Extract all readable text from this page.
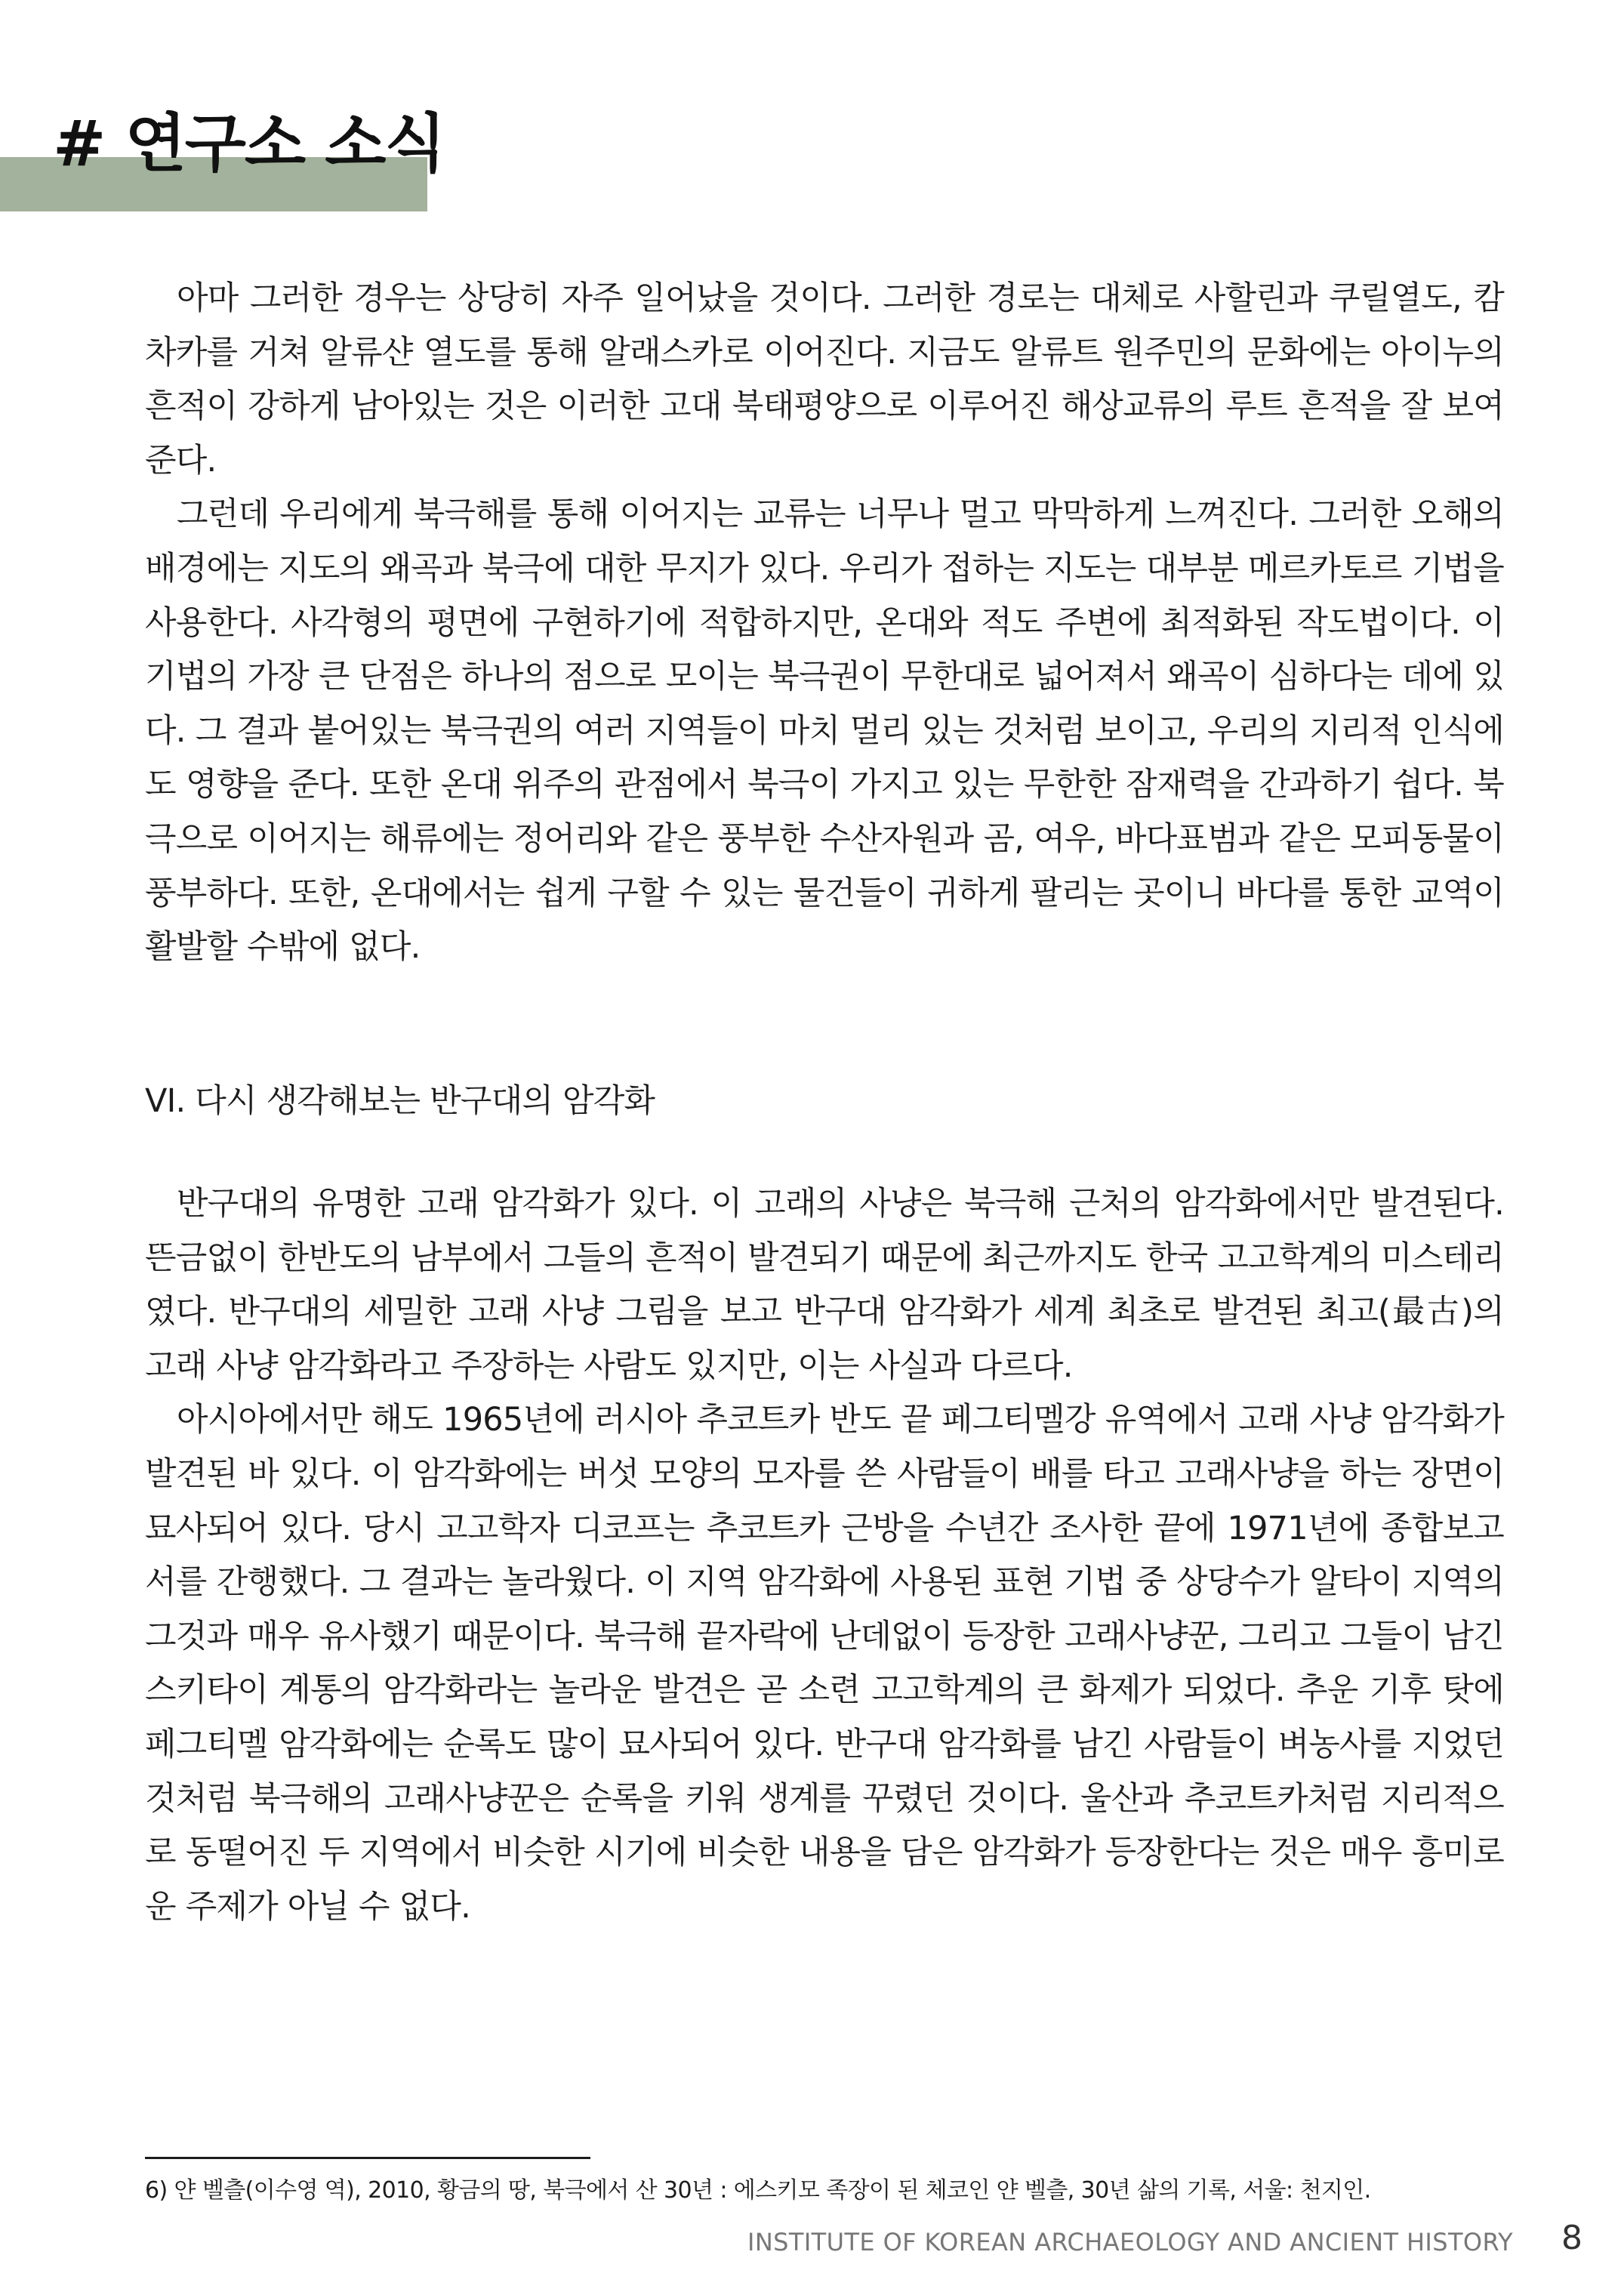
# 연구소 소식

아마 그러한 경우는 상당히 자주 일어났을 것이다. 그러한 경로는 대체로 사할린과 쿠릴열도, 캄차카를 거쳐 알류샨 열도를 통해 알래스카로 이어진다. 지금도 알류트 원주민의 문화에는 아이누의 흔적이 강하게 남아있는 것은 이러한 고대 북태평양으로 이루어진 해상교류의 루트 흔적을 잘 보여준다.

그런데 우리에게 북극해를 통해 이어지는 교류는 너무나 멀고 막막하게 느껴진다. 그러한 오해의 배경에는 지도의 왜곡과 북극에 대한 무지가 있다. 우리가 접하는 지도는 대부분 메르카토르 기법을 사용한다. 사각형의 평면에 구현하기에 적합하지만, 온대와 적도 주변에 최적화된 작도법이다. 이 기법의 가장 큰 단점은 하나의 점으로 모이는 북극권이 무한대로 넓어져서 왜곡이 심하다는 데에 있다. 그 결과 붙어있는 북극권의 여러 지역들이 마치 멀리 있는 것처럼 보이고, 우리의 지리적 인식에도 영향을 준다. 또한 온대 위주의 관점에서 북극이 가지고 있는 무한한 잠재력을 간과하기 쉽다. 북극으로 이어지는 해류에는 정어리와 같은 풍부한 수산자원과 곰, 여우, 바다표범과 같은 모피동물이 풍부하다. 또한, 온대에서는 쉽게 구할 수 있는 물건들이 귀하게 팔리는 곳이니 바다를 통한 교역이 활발할 수밖에 없다.

VI. 다시 생각해보는 반구대의 암각화

반구대의 유명한 고래 암각화가 있다. 이 고래의 사냥은 북극해 근처의 암각화에서만 발견된다. 뜬금없이 한반도의 남부에서 그들의 흔적이 발견되기 때문에 최근까지도 한국 고고학계의 미스테리였다. 반구대의 세밀한 고래 사냥 그림을 보고 반구대 암각화가 세계 최초로 발견된 최고(最古)의 고래 사냥 암각화라고 주장하는 사람도 있지만, 이는 사실과 다르다.

아시아에서만 해도 1965년에 러시아 추코트카 반도 끝 페그티멜강 유역에서 고래 사냥 암각화가 발견된 바 있다. 이 암각화에는 버섯 모양의 모자를 쓴 사람들이 배를 타고 고래사냥을 하는 장면이 묘사되어 있다. 당시 고고학자 디코프는 추코트카 근방을 수년간 조사한 끝에 1971년에 종합보고서를 간행했다. 그 결과는 놀라웠다. 이 지역 암각화에 사용된 표현 기법 중 상당수가 알타이 지역의 그것과 매우 유사했기 때문이다. 북극해 끝자락에 난데없이 등장한 고래사냥꾼, 그리고 그들이 남긴 스키타이 계통의 암각화라는 놀라운 발견은 곧 소련 고고학계의 큰 화제가 되었다. 추운 기후 탓에 페그티멜 암각화에는 순록도 많이 묘사되어 있다. 반구대 암각화를 남긴 사람들이 벼농사를 지었던 것처럼 북극해의 고래사냥꾼은 순록을 키워 생계를 꾸렸던 것이다. 울산과 추코트카처럼 지리적으로 동떨어진 두 지역에서 비슷한 시기에 비슷한 내용을 담은 암각화가 등장한다는 것은 매우 흥미로운 주제가 아닐 수 없다.

6) 얀 벨츨(이수영 역), 2010, 황금의 땅, 북극에서 산 30년 : 에스키모 족장이 된 체코인 얀 벨츨, 30년 삶의 기록, 서울: 천지인.

INSTITUTE OF KOREAN ARCHAEOLOGY AND ANCIENT HISTORY 8
